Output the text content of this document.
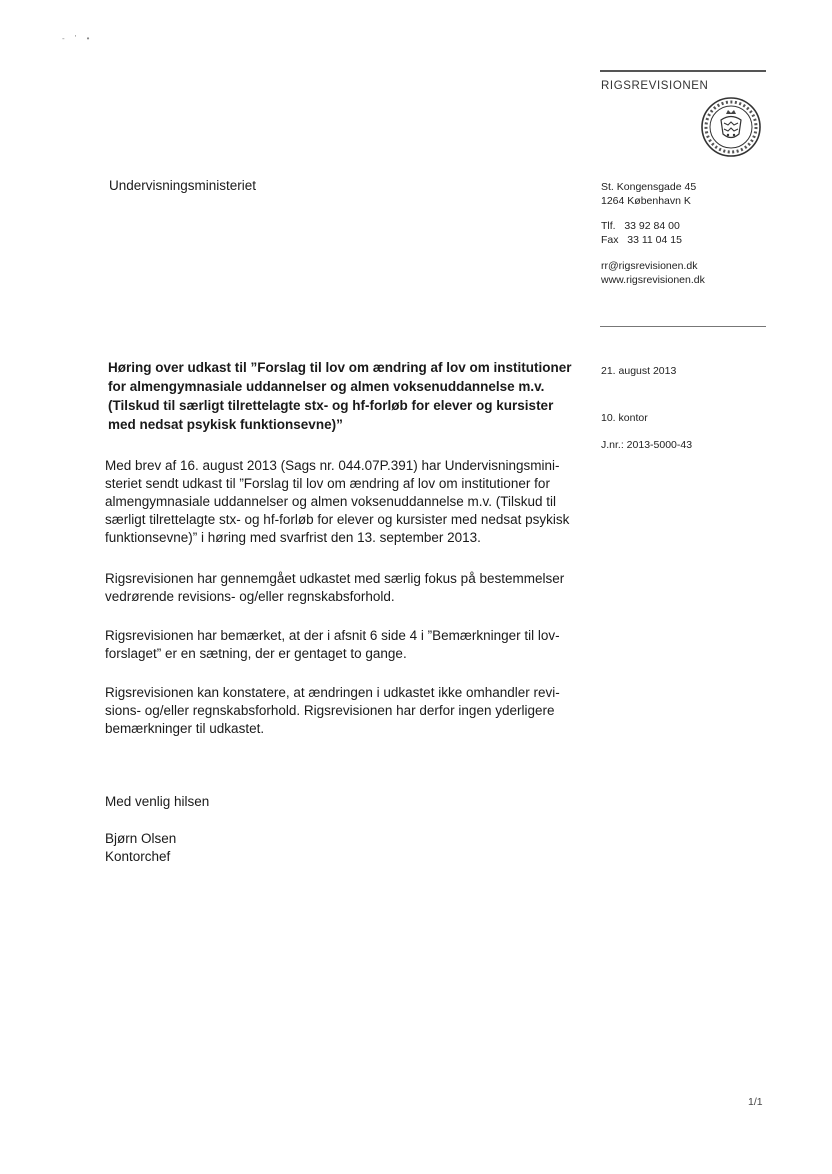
- ' •
RIGSREVISIONEN
Undervisningsministeriet	St. Kongensgade 45
1264 København K
Tlf.   33 92 84 00
Fax   33 11 04 15
rr@rigsrevisionen.dk
www.rigsrevisionen.dk
21. august 2013
10. kontor
J.nr.: 2013-5000-43
Høring over udkast til ”Forslag til lov om ændring af lov om institutioner
for almengymnasiale uddannelser og almen voksenuddannelse m.v.
(Tilskud til særligt tilrettelagte stx- og hf-forløb for elever og kursister
med nedsat psykisk funktionsevne)”
Med brev af 16. august 2013 (Sags nr. 044.07P.391) har Undervisningsmini-
steriet sendt udkast til ”Forslag til lov om ændring af lov om institutioner for
almengymnasiale uddannelser og almen voksenuddannelse m.v. (Tilskud til
særligt tilrettelagte stx- og hf-forløb for elever og kursister med nedsat psykisk
funktionsevne)” i høring med svarfrist den 13. september 2013.
Rigsrevisionen har gennemgået udkastet med særlig fokus på bestemmelser
vedrørende revisions- og/eller regnskabsforhold.
Rigsrevisionen har bemærket, at der i afsnit 6 side 4 i ”Bemærkninger til lov-
forslaget” er en sætning, der er gentaget to gange.
Rigsrevisionen kan konstatere, at ændringen i udkastet ikke omhandler revi-
sions- og/eller regnskabsforhold. Rigsrevisionen har derfor ingen yderligere
bemærkninger til udkastet.
Med venlig hilsen
Bjørn Olsen
Kontorchef
1/1
